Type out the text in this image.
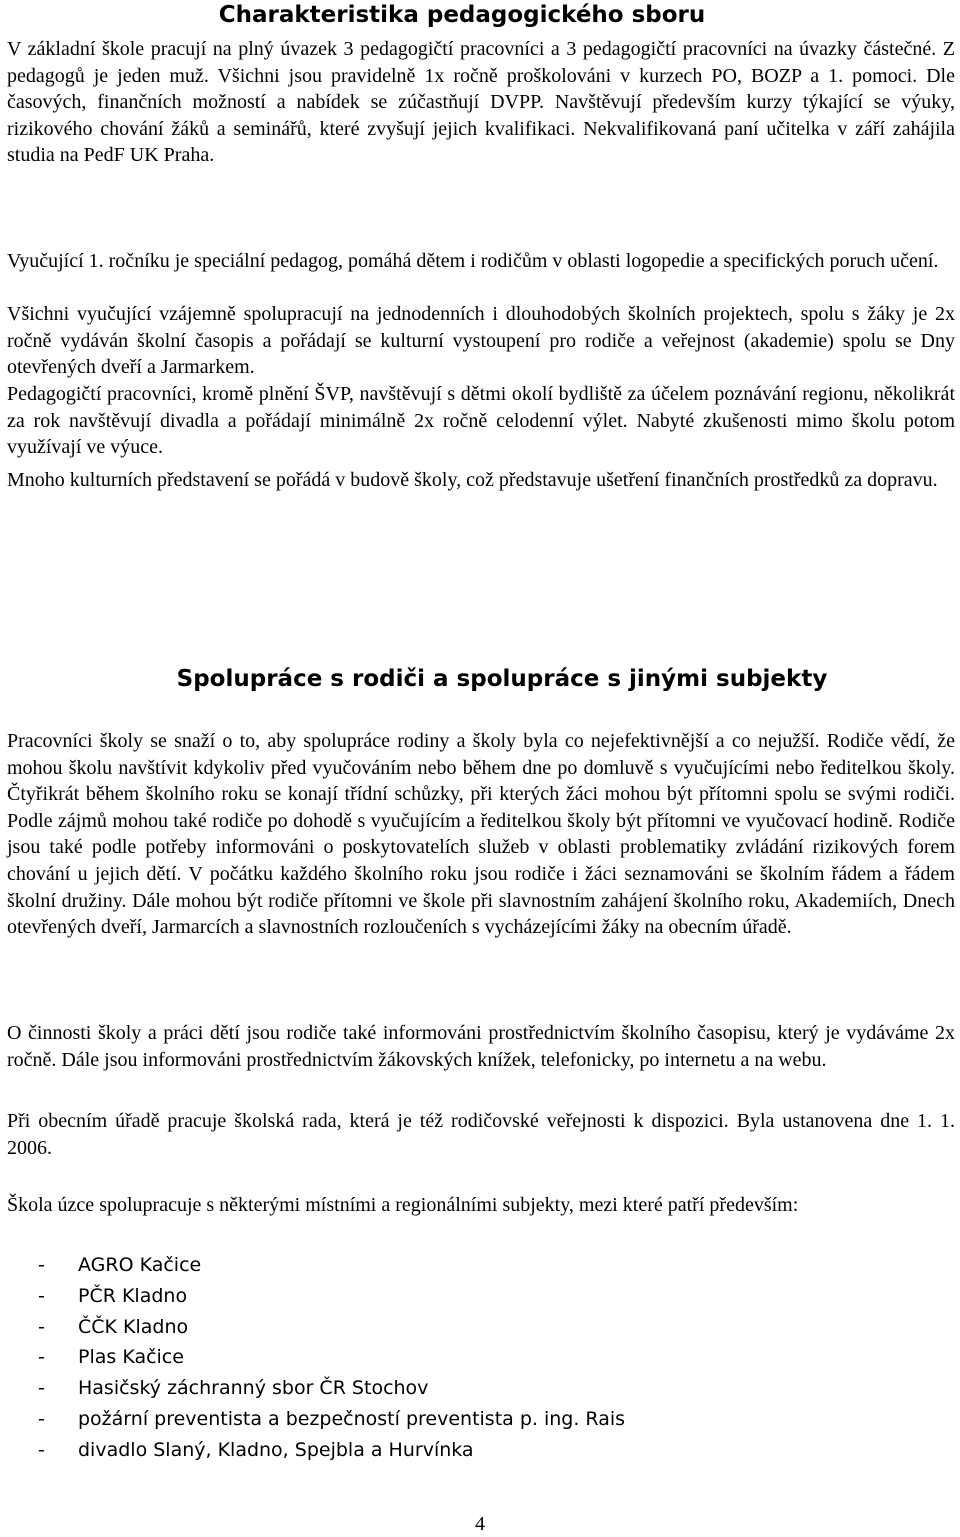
Charakteristika pedagogického sboru

V základní škole pracují na plný úvazek 3 pedagogičtí pracovníci a 3 pedagogičtí pracovníci na úvazky částečné. Z pedagogů je jeden muž. Všichni jsou pravidelně 1x ročně proškolováni v kurzech PO, BOZP a 1. pomoci. Dle časových, finančních možností a nabídek se zúčastňují DVPP. Navštěvují především kurzy týkající se výuky, rizikového chování žáků a seminářů, které zvyšují jejich kvalifikaci. Nekvalifikovaná paní učitelka v září zahájila studia na PedF UK Praha.

Vyučující 1. ročníku je speciální pedagog, pomáhá dětem i rodičům v oblasti logopedie a specifických poruch učení.

Všichni vyučující vzájemně spolupracují na jednodenních i dlouhodobých školních projektech, spolu s žáky je 2x ročně vydáván školní časopis a pořádají se kulturní vystoupení pro rodiče a veřejnost (akademie) spolu se Dny otevřených dveří a Jarmarkem.

Pedagogičtí pracovníci, kromě plnění ŠVP, navštěvují s dětmi okolí bydliště za účelem poznávání regionu, několikrát za rok navštěvují divadla a pořádají minimálně 2x ročně celodenní výlet. Nabyté zkušenosti mimo školu potom využívají ve výuce.

Mnoho kulturních představení se pořádá v budově školy, což představuje ušetření finančních prostředků za dopravu.

Spolupráce s rodiči a spolupráce s jinými subjekty

Pracovníci školy se snaží o to, aby spolupráce rodiny a školy byla co nejefektivnější a co nejužší. Rodiče vědí, že mohou školu navštívit kdykoliv před vyučováním nebo během dne po domluvě s vyučujícími nebo ředitelkou školy. Čtyřikrát během školního roku se konají třídní schůzky, při kterých žáci mohou být přítomni spolu se svými rodiči. Podle zájmů mohou také rodiče po dohodě s vyučujícím a ředitelkou školy být přítomni ve vyučovací hodině. Rodiče jsou také podle potřeby informováni o poskytovatelích služeb v oblasti problematiky zvládání rizikových forem chování u jejich dětí. V počátku každého školního roku jsou rodiče i žáci seznamováni se školním řádem a řádem školní družiny. Dále mohou být rodiče přítomni ve škole při slavnostním zahájení školního roku, Akademiích, Dnech otevřených dveří, Jarmarcích a slavnostních rozloučeních s vycházejícími žáky na obecním úřadě.

O činnosti školy a práci dětí jsou rodiče také informováni prostřednictvím školního časopisu, který je vydáváme 2x ročně. Dále jsou informováni prostřednictvím žákovských knížek, telefonicky, po internetu a na webu.

Při obecním úřadě pracuje školská rada, která je též rodičovské veřejnosti k dispozici. Byla ustanovena dne 1. 1. 2006.

Škola úzce spolupracuje s některými místními a regionálními subjekty, mezi které patří především:

- AGRO Kačice
- PČR Kladno
- ČČK Kladno
- Plas Kačice
- Hasičský záchranný sbor ČR Stochov
- požární preventista a bezpečností preventista p. ing. Rais
- divadlo Slaný, Kladno, Spejbla a Hurvínka
4
